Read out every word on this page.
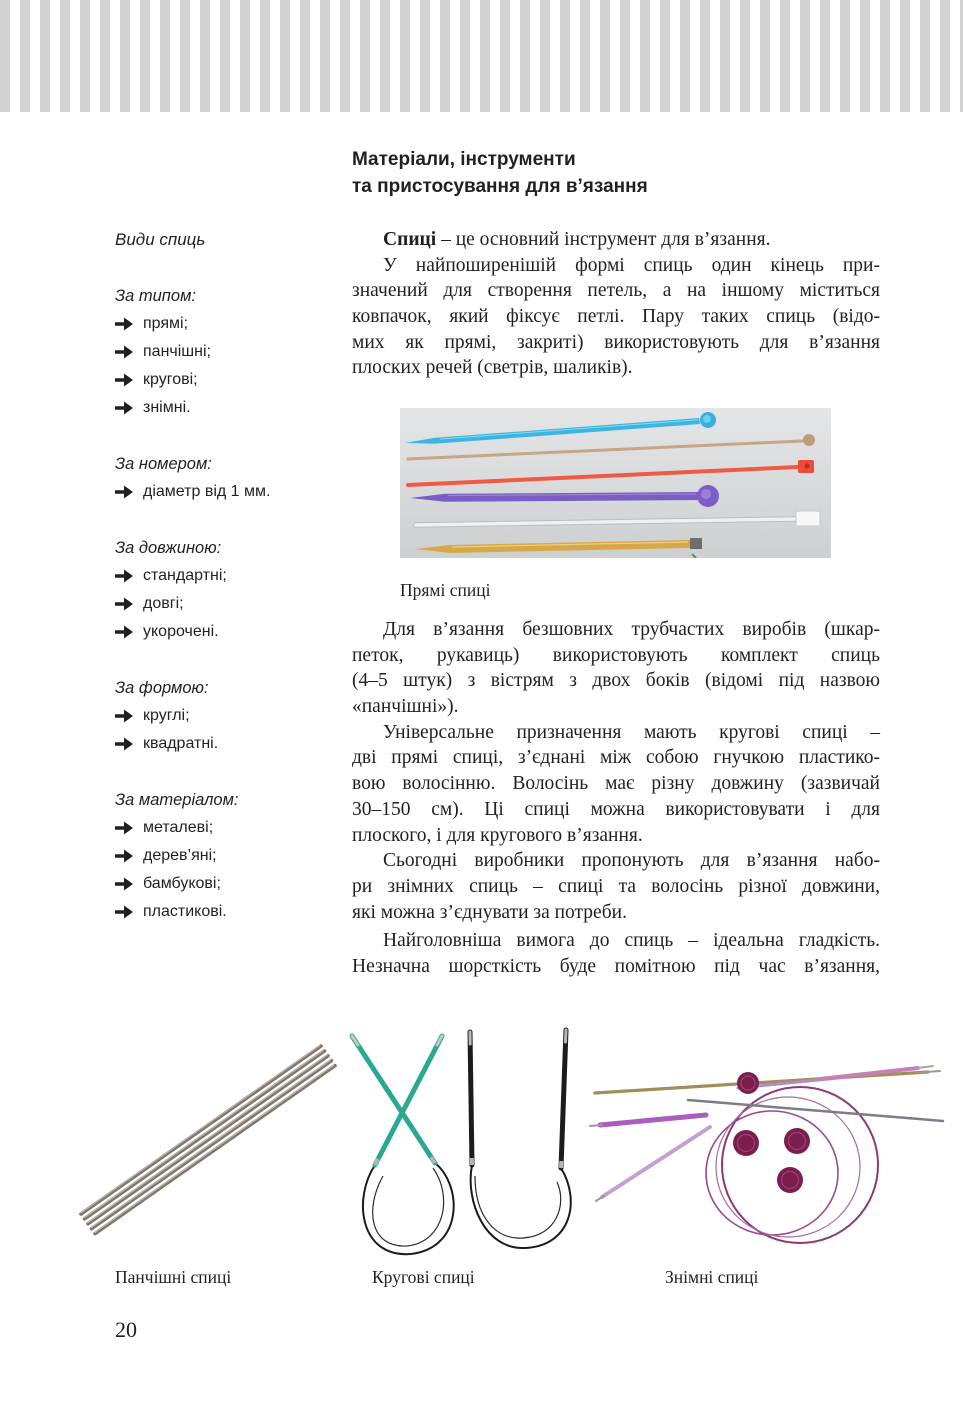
Матеріали, інструменти
та пристосування для в’язання
Види спиць
За типом:
прямі;
панчішні;
кругові;
знімні.
За номером:
діаметр від 1 мм.
За довжиною:
стандартні;
довгі;
укорочені.
За формою:
круглі;
квадратні.
За матеріалом:
металеві;
дерев’яні;
бамбукові;
пластикові.
Спиці – це основний інструмент для в’язання.
У найпоширенішій формі спиць один кінець при-
значений для створення петель, а на іншому міститься
ковпачок, який фіксує петлі. Пару таких спиць (відо-
мих як прямі, закриті) використовують для в’язання
плоских речей (светрів, шаликів).
Прямі спиці
Для в’язання безшовних трубчастих виробів (шкар-
петок, рукавиць) використовують комплект спиць
(4–5 штук) з вістрям з двох боків (відомі під назвою
«панчішні»).
Універсальне призначення мають кругові спиці –
дві прямі спиці, з’єднані між собою гнучкою пластико-
вою волосінню. Волосінь має різну довжину (зазвичай
30–150 см). Ці спиці можна використовувати і для
плоского, і для кругового в’язання.
Сьогодні виробники пропонують для в’язання набо-
ри знімних спиць – спиці та волосінь різної довжини,
які можна з’єднувати за потреби.
Найголовніша вимога до спиць – ідеальна гладкість.
Незначна шорсткість буде помітною під час в’язання,
Панчішні спиці	Кругові спиці	Знімні спиці
20
